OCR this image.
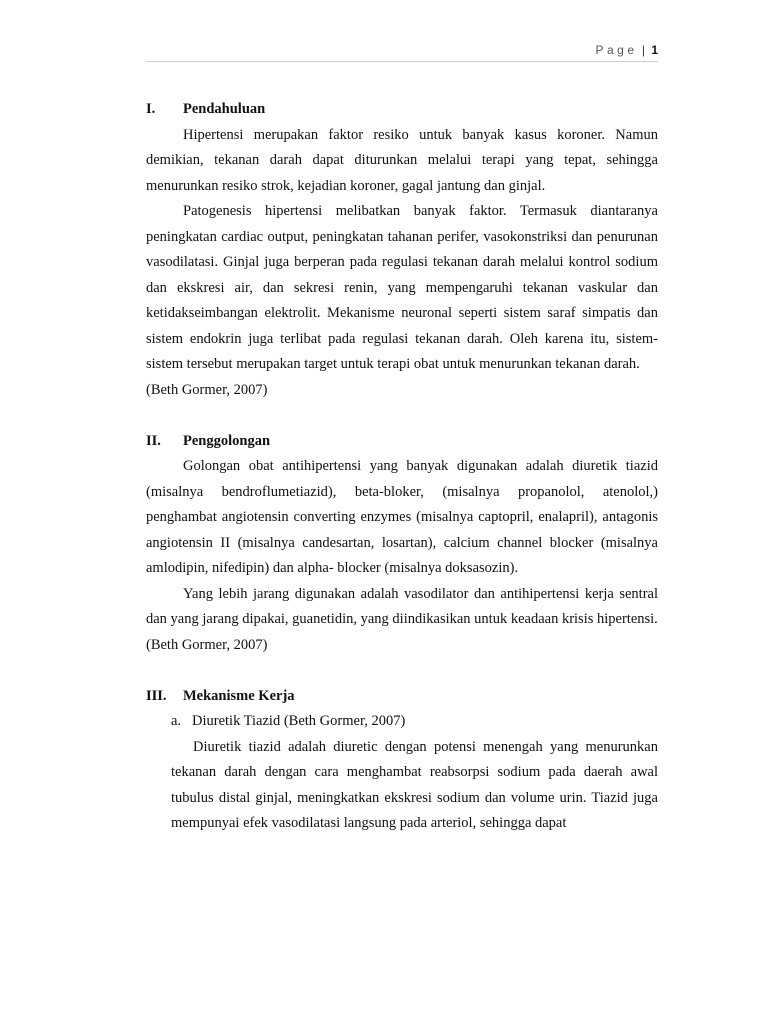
Page | 1
I. Pendahuluan

Hipertensi merupakan faktor resiko untuk banyak kasus koroner. Namun demikian, tekanan darah dapat diturunkan melalui terapi yang tepat, sehingga menurunkan resiko strok, kejadian koroner, gagal jantung dan ginjal.

Patogenesis hipertensi melibatkan banyak faktor. Termasuk diantaranya peningkatan cardiac output, peningkatan tahanan perifer, vasokonstriksi dan penurunan vasodilatasi. Ginjal juga berperan pada regulasi tekanan darah melalui kontrol sodium dan ekskresi air, dan sekresi renin, yang mempengaruhi tekanan vaskular dan ketidakseimbangan elektrolit. Mekanisme neuronal seperti sistem saraf simpatis dan sistem endokrin juga terlibat pada regulasi tekanan darah. Oleh karena itu, sistem- sistem tersebut merupakan target untuk terapi obat untuk menurunkan tekanan darah.

(Beth Gormer, 2007)

II. Penggolongan

Golongan obat antihipertensi yang banyak digunakan adalah diuretik tiazid (misalnya bendroflumetiazid), beta-bloker, (misalnya propanolol, atenolol,) penghambat angiotensin converting enzymes (misalnya captopril, enalapril), antagonis angiotensin II (misalnya candesartan, losartan), calcium channel blocker (misalnya amlodipin, nifedipin) dan alpha- blocker (misalnya doksasozin).

Yang lebih jarang digunakan adalah vasodilator dan antihipertensi kerja sentral dan yang jarang dipakai, guanetidin, yang diindikasikan untuk keadaan krisis hipertensi.

(Beth Gormer, 2007)

III. Mekanisme Kerja
a. Diuretik Tiazid (Beth Gormer, 2007)

Diuretik tiazid adalah diuretic dengan potensi menengah yang menurunkan tekanan darah dengan cara menghambat reabsorpsi sodium pada daerah awal tubulus distal ginjal, meningkatkan ekskresi sodium dan volume urin. Tiazid juga mempunyai efek vasodilatasi langsung pada arteriol, sehingga dapat
